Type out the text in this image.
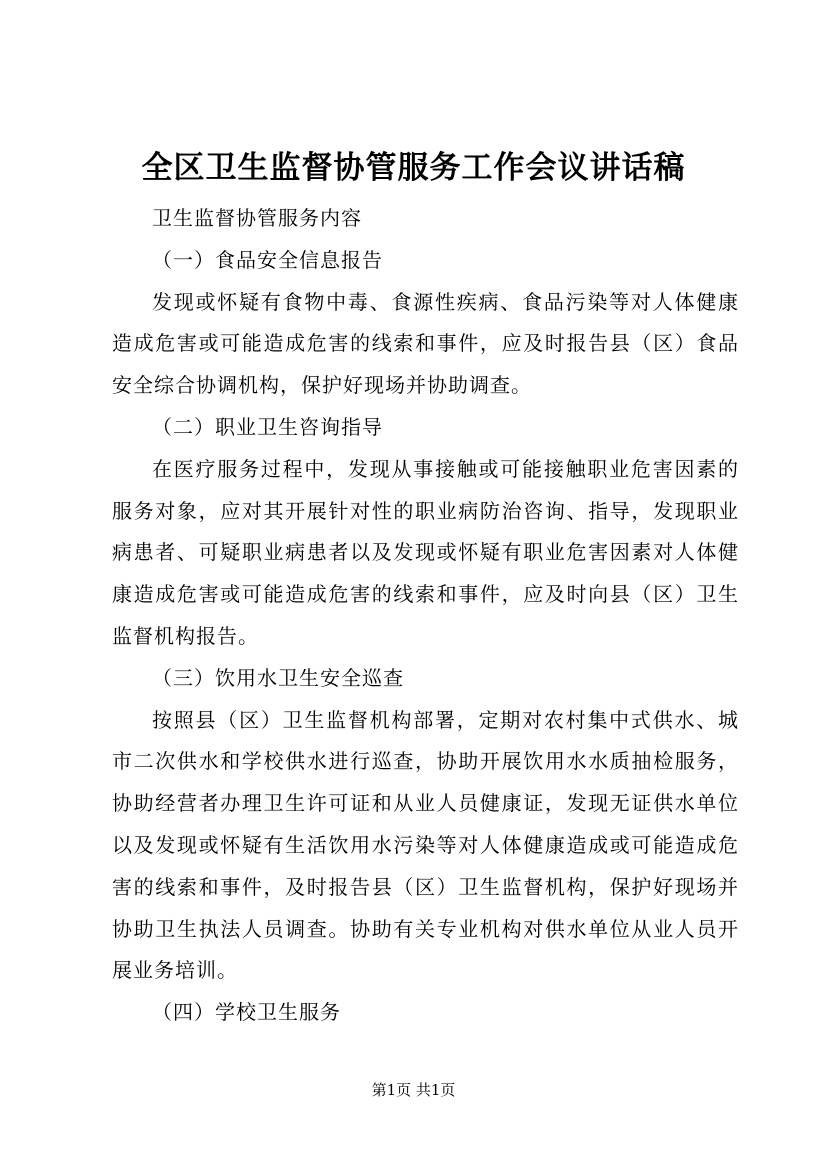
全区卫生监督协管服务工作会议讲话稿

卫生监督协管服务内容

（一）食品安全信息报告

发现或怀疑有食物中毒、食源性疾病、食品污染等对人体健康造成危害或可能造成危害的线索和事件，应及时报告县（区）食品安全综合协调机构，保护好现场并协助调查。

（二）职业卫生咨询指导

在医疗服务过程中，发现从事接触或可能接触职业危害因素的服务对象，应对其开展针对性的职业病防治咨询、指导，发现职业病患者、可疑职业病患者以及发现或怀疑有职业危害因素对人体健康造成危害或可能造成危害的线索和事件，应及时向县（区）卫生监督机构报告。

（三）饮用水卫生安全巡查

按照县（区）卫生监督机构部署，定期对农村集中式供水、城市二次供水和学校供水进行巡查，协助开展饮用水水质抽检服务，协助经营者办理卫生许可证和从业人员健康证，发现无证供水单位以及发现或怀疑有生活饮用水污染等对人体健康造成或可能造成危害的线索和事件，及时报告县（区）卫生监督机构，保护好现场并协助卫生执法人员调查。协助有关专业机构对供水单位从业人员开展业务培训。

（四）学校卫生服务

第1页 共1页
